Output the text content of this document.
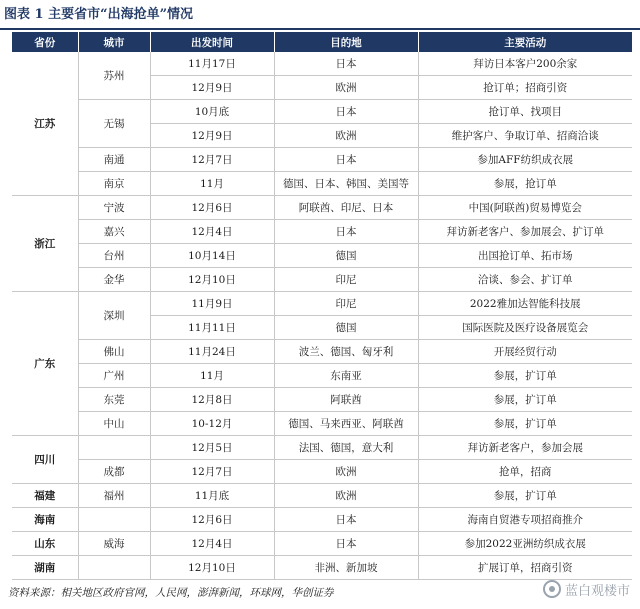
图表 1 主要省市“出海抢单”情况
省份	城市	出发时间	目的地	主要活动
江苏	苏州	11月17日	日本	拜访日本客户200余家
		12月9日	欧洲	抢订单；招商引资
	无锡	10月底	日本	抢订单、找项目
		12月9日	欧洲	维护客户、争取订单、招商洽谈
	南通	12月7日	日本	参加AFF纺织成衣展
	南京	11月	德国、日本、韩国、美国等	参展，抢订单
浙江	宁波	12月6日	阿联酋、印尼、日本	中国(阿联酋)贸易博览会
	嘉兴	12月4日	日本	拜访新老客户、参加展会、扩订单
	台州	10月14日	德国	出国抢订单、拓市场
	金华	12月10日	印尼	洽谈、参会、扩订单
广东	深圳	11月9日	印尼	2022雅加达智能科技展
		11月11日	德国	国际医院及医疗设备展览会
	佛山	11月24日	波兰、德国、匈牙利	开展经贸行动
	广州	11月	东南亚	参展，扩订单
	东莞	12月8日	阿联酋	参展，扩订单
	中山	10-12月	德国、马来西亚、阿联酋	参展，扩订单
四川		12月5日	法国、德国，意大利	拜访新老客户，参加会展
	成都	12月7日	欧洲	抢单，招商
福建	福州	11月底	欧洲	参展，扩订单
海南		12月6日	日本	海南自贸港专项招商推介
山东	威海	12月4日	日本	参加2022亚洲纺织成衣展
湖南		12月10日	非洲、新加坡	扩展订单，招商引资
资料来源：相关地区政府官网，人民网，澎湃新闻，环球网，华创证券	蓝白观楼市
